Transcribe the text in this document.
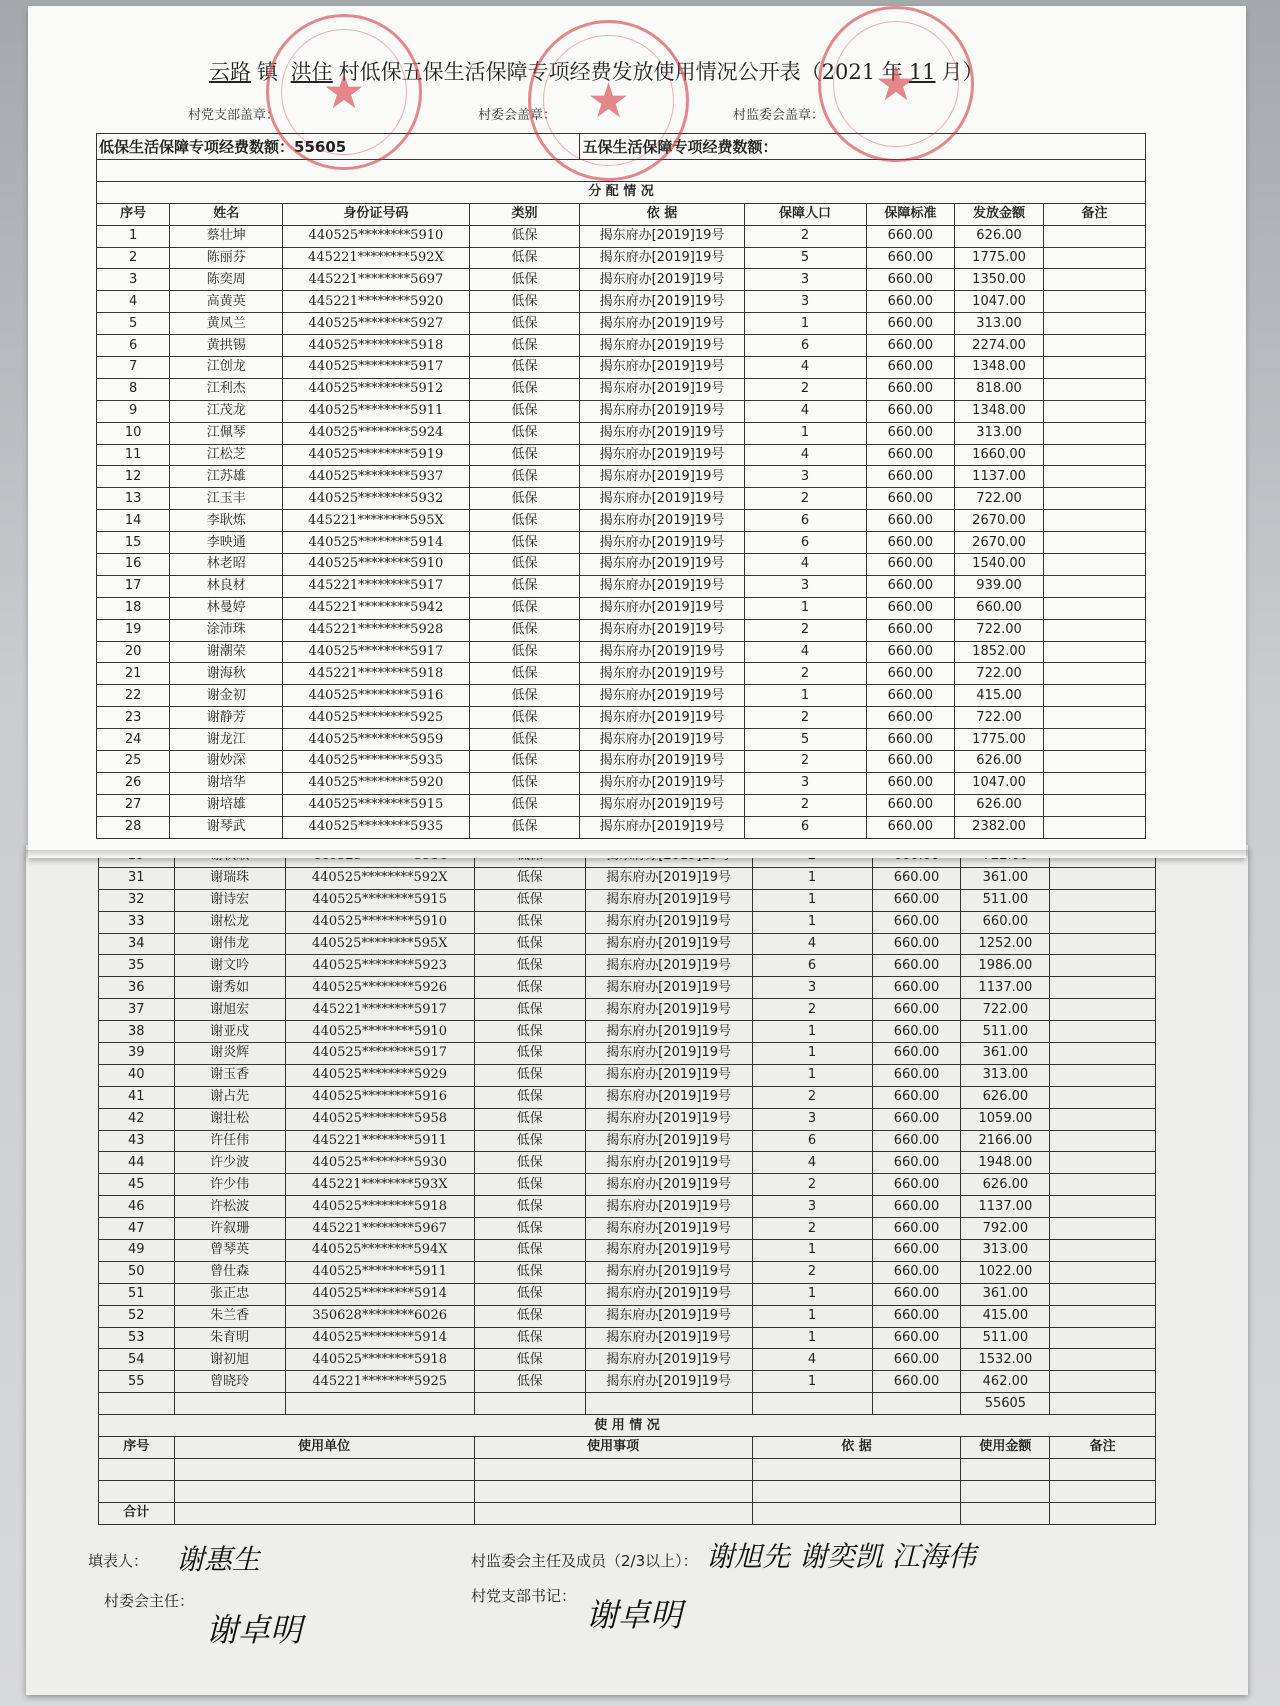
31	谢瑞珠	440525********592X	低保	揭东府办[2019]19号	1	660.00	361.00	
32	谢诗宏	440525********5915	低保	揭东府办[2019]19号	1	660.00	511.00	
33	谢松龙	440525********5910	低保	揭东府办[2019]19号	1	660.00	660.00	
34	谢伟龙	440525********595X	低保	揭东府办[2019]19号	4	660.00	1252.00	
35	谢文吟	440525********5923	低保	揭东府办[2019]19号	6	660.00	1986.00	
36	谢秀如	440525********5926	低保	揭东府办[2019]19号	3	660.00	1137.00	
37	谢旭宏	445221********5917	低保	揭东府办[2019]19号	2	660.00	722.00	
38	谢亚戍	440525********5910	低保	揭东府办[2019]19号	1	660.00	511.00	
39	谢炎辉	440525********5917	低保	揭东府办[2019]19号	1	660.00	361.00	
40	谢玉香	440525********5929	低保	揭东府办[2019]19号	1	660.00	313.00	
41	谢占先	440525********5916	低保	揭东府办[2019]19号	2	660.00	626.00	
42	谢壮松	440525********5958	低保	揭东府办[2019]19号	3	660.00	1059.00	
43	许任伟	445221********5911	低保	揭东府办[2019]19号	6	660.00	2166.00	
44	许少波	440525********5930	低保	揭东府办[2019]19号	4	660.00	1948.00	
45	许少伟	445221********593X	低保	揭东府办[2019]19号	2	660.00	626.00	
46	许松波	440525********5918	低保	揭东府办[2019]19号	3	660.00	1137.00	
47	许叙珊	445221********5967	低保	揭东府办[2019]19号	2	660.00	792.00	
49	曾琴英	440525********594X	低保	揭东府办[2019]19号	1	660.00	313.00	
50	曾仕森	440525********5911	低保	揭东府办[2019]19号	2	660.00	1022.00	
51	张正忠	440525********5914	低保	揭东府办[2019]19号	1	660.00	361.00	
52	朱兰香	350628********6026	低保	揭东府办[2019]19号	1	660.00	415.00	
53	朱育明	440525********5914	低保	揭东府办[2019]19号	1	660.00	511.00	
54	谢初旭	440525********5918	低保	揭东府办[2019]19号	4	660.00	1532.00	
55	曾晓玲	445221********5925	低保	揭东府办[2019]19号	1	660.00	462.00	
							55605	
使 用 情 况								
序号	使用单位		使用事项		依 据		使用金额	备注

合计								
填表人： 谢惠生
村委会主任：
谢卓明
村监委会主任及成员（2/3以上）： 谢旭先 谢奕凯 江海伟
村党支部书记： 谢卓明
云路 镇 洪住 村低保五保生活保障专项经费发放使用情况公开表（2021 年 11 月）
村党支部盖章：	村委会盖章：	村监委会盖章：
低保生活保障专项经费数额：55605				五保生活保障专项经费数额：				

分 配 情 况								
序号	姓名	身份证号码	类别	依 据	保障人口	保障标准	发放金额	备注
1	蔡壮坤	440525********5910	低保	揭东府办[2019]19号	2	660.00	626.00	
2	陈丽芬	445221********592X	低保	揭东府办[2019]19号	5	660.00	1775.00	
3	陈奕周	445221********5697	低保	揭东府办[2019]19号	3	660.00	1350.00	
4	高黄英	445221********5920	低保	揭东府办[2019]19号	3	660.00	1047.00	
5	黄凤兰	440525********5927	低保	揭东府办[2019]19号	1	660.00	313.00	
6	黄拱锡	440525********5918	低保	揭东府办[2019]19号	6	660.00	2274.00	
7	江创龙	440525********5917	低保	揭东府办[2019]19号	4	660.00	1348.00	
8	江利杰	440525********5912	低保	揭东府办[2019]19号	2	660.00	818.00	
9	江茂龙	440525********5911	低保	揭东府办[2019]19号	4	660.00	1348.00	
10	江佩琴	440525********5924	低保	揭东府办[2019]19号	1	660.00	313.00	
11	江松芝	440525********5919	低保	揭东府办[2019]19号	4	660.00	1660.00	
12	江苏雄	440525********5937	低保	揭东府办[2019]19号	3	660.00	1137.00	
13	江玉丰	440525********5932	低保	揭东府办[2019]19号	2	660.00	722.00	
14	李耿炼	445221********595X	低保	揭东府办[2019]19号	6	660.00	2670.00	
15	李映通	440525********5914	低保	揭东府办[2019]19号	6	660.00	2670.00	
16	林老昭	440525********5910	低保	揭东府办[2019]19号	4	660.00	1540.00	
17	林良材	445221********5917	低保	揭东府办[2019]19号	3	660.00	939.00	
18	林曼婷	445221********5942	低保	揭东府办[2019]19号	1	660.00	660.00	
19	涂沛珠	445221********5928	低保	揭东府办[2019]19号	2	660.00	722.00	
20	谢潮荣	440525********5917	低保	揭东府办[2019]19号	4	660.00	1852.00	
21	谢海秋	445221********5918	低保	揭东府办[2019]19号	2	660.00	722.00	
22	谢金初	440525********5916	低保	揭东府办[2019]19号	1	660.00	415.00	
23	谢静芳	440525********5925	低保	揭东府办[2019]19号	2	660.00	722.00	
24	谢龙江	440525********5959	低保	揭东府办[2019]19号	5	660.00	1775.00	
25	谢妙深	440525********5935	低保	揭东府办[2019]19号	2	660.00	626.00	
26	谢培华	440525********5920	低保	揭东府办[2019]19号	3	660.00	1047.00	
27	谢培雄	440525********5915	低保	揭东府办[2019]19号	2	660.00	626.00	
28	谢琴武	440525********5935	低保	揭东府办[2019]19号	6	660.00	2382.00	
★
★
★
